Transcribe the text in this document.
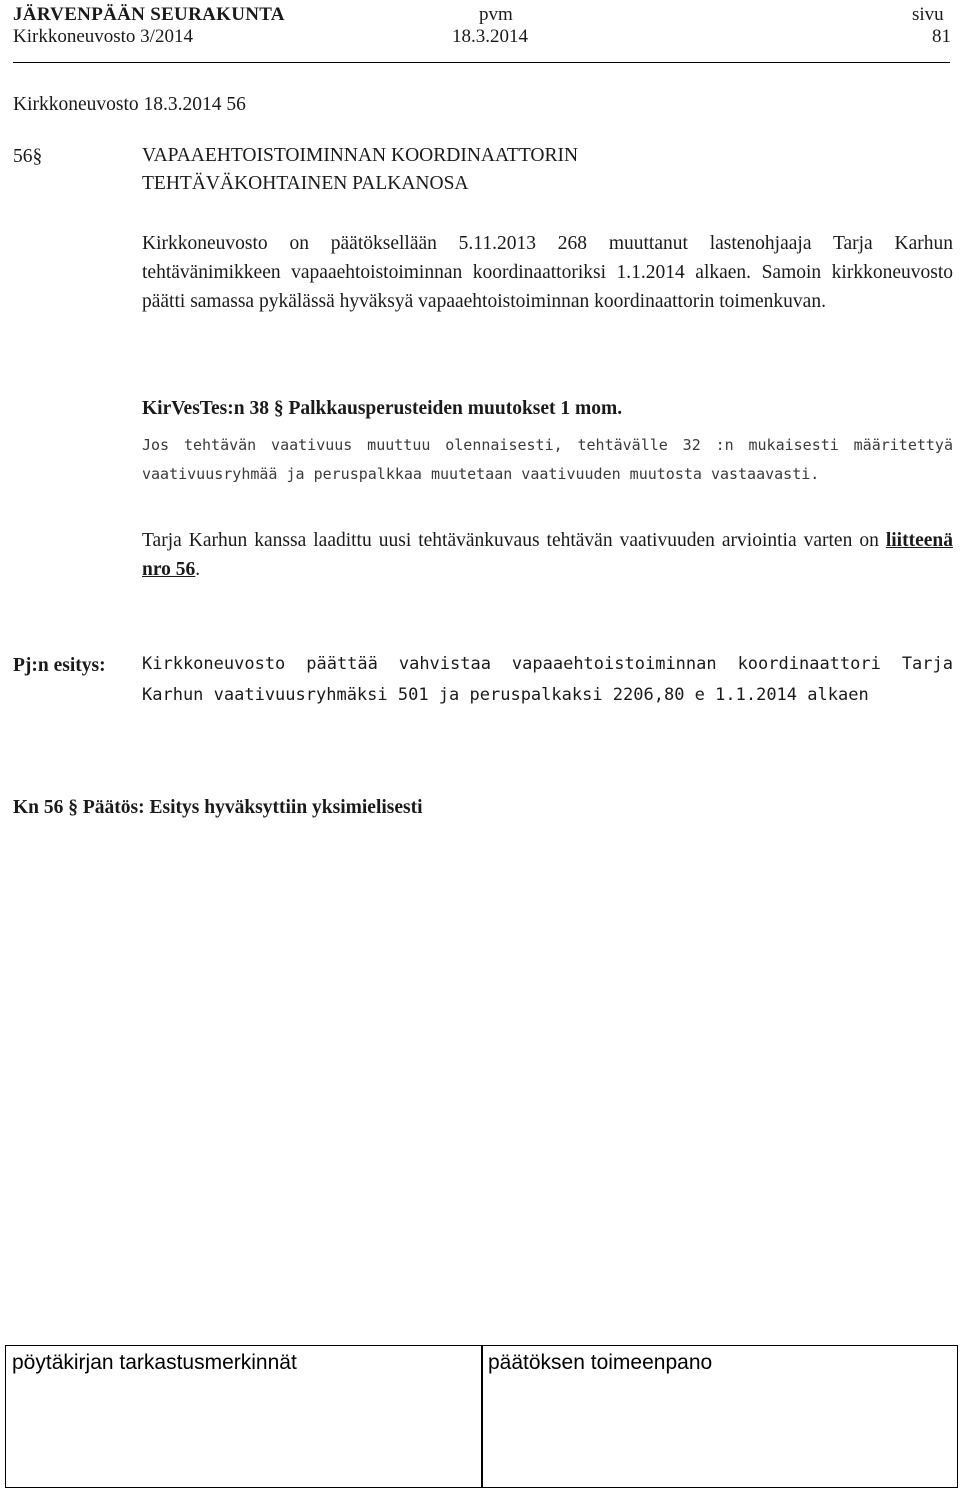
JÄRVENPÄÄN SEURAKUNTA	pvm	sivu
Kirkkoneuvosto 3/2014	18.3.2014	81
Kirkkoneuvosto 18.3.2014 56
56§	VAPAAEHTOISTOIMINNAN KOORDINAATTORIN
TEHTÄVÄKOHTAINEN PALKANOSA
Kirkkoneuvosto on päätöksellään 5.11.2013 268 muuttanut lastenohjaaja Tarja Karhun tehtävänimikkeen vapaaehtoistoiminnan koordinaattoriksi 1.1.2014 alkaen. Samoin kirkkoneuvosto päätti samassa pykälässä hyväksyä vapaaehtoistoiminnan koordinaattorin toimenkuvan.
KirVesTes:n 38 § Palkkausperusteiden muutokset 1 mom.
Jos tehtävän vaativuus muuttuu olennaisesti, tehtävälle 32 :n mukaisesti määritettyä vaativuusryhmää ja peruspalkkaa muutetaan vaativuuden muutosta vastaavasti.
Tarja Karhun kanssa laadittu uusi tehtävänkuvaus tehtävän vaativuuden arviointia varten on liitteenä nro 56.
Pj:n esitys: Kirkkoneuvosto päättää vahvistaa vapaaehtoistoiminnan koordinaattori Tarja Karhun vaativuusryhmäksi 501 ja peruspalkaksi 2206,80 e 1.1.2014 alkaen
Kn 56 § Päätös: Esitys hyväksyttiin yksimielisesti
pöytäkirjan tarkastusmerkinnät	päätöksen toimeenpano
